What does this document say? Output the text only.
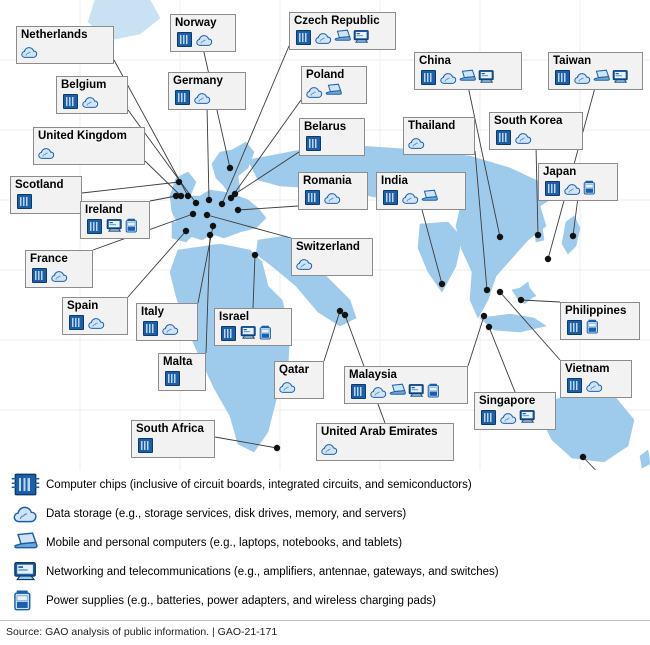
Netherlands
Norway	Czech Republic
China	Taiwan
Belgium	Germany	Poland
United Kingdom
Belarus	Thailand	South Korea
Scotland
Ireland
Romania	India
Japan
France
Switzerland
Spain	Italy	Israel	Philippines
Malta
Qatar	Malaysia	Vietnam
Singapore
South Africa	United Arab Emirates
Computer chips (inclusive of circuit boards, integrated circuits, and semiconductors)
Data storage (e.g., storage services, disk drives, memory, and servers)
Mobile and personal computers (e.g., laptops, notebooks, and tablets)
Networking and telecommunications (e.g., amplifiers, antennae, gateways, and switches)
Power supplies (e.g., batteries, power adapters, and wireless charging pads)
Source: GAO analysis of public information. | GAO-21-171
